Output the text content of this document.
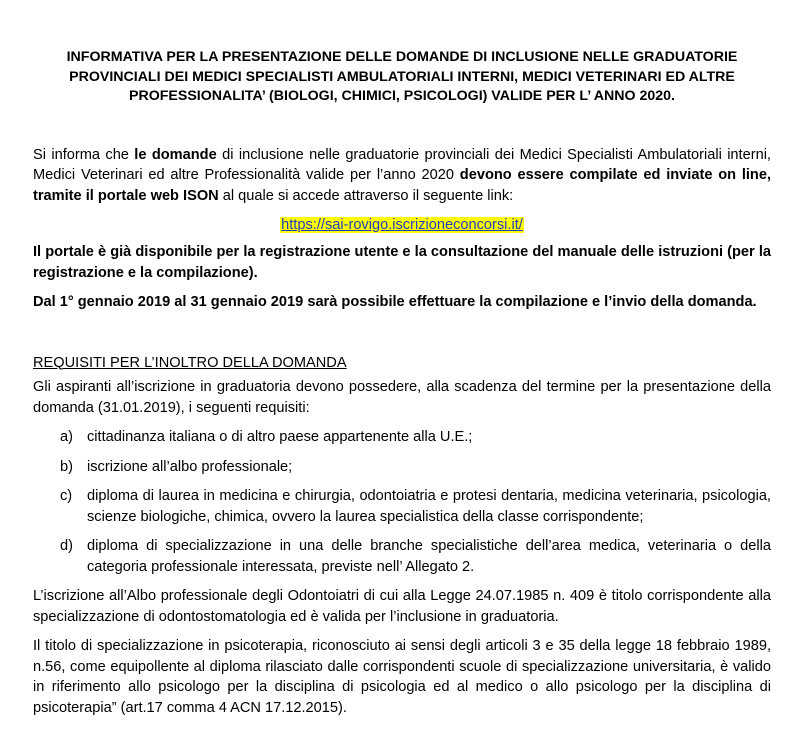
INFORMATIVA PER LA PRESENTAZIONE DELLE DOMANDE DI INCLUSIONE NELLE GRADUATORIE
PROVINCIALI DEI MEDICI SPECIALISTI AMBULATORIALI INTERNI, MEDICI VETERINARI ED ALTRE
PROFESSIONALITA’ (BIOLOGI, CHIMICI, PSICOLOGI) VALIDE PER L’ ANNO 2020.

Si informa che le domande di inclusione nelle graduatorie provinciali dei Medici Specialisti Ambulatoriali interni, Medici Veterinari ed altre Professionalità valide per l’anno 2020 devono essere compilate ed inviate on line, tramite il portale web ISON al quale si accede attraverso il seguente link:

https://sai-rovigo.iscrizioneconcorsi.it/

Il portale è già disponibile per la registrazione utente e la consultazione del manuale delle istruzioni (per la registrazione e la compilazione).

Dal 1° gennaio 2019 al 31 gennaio 2019 sarà possibile effettuare la compilazione e l’invio della domanda.

REQUISITI PER L’INOLTRO DELLA DOMANDA

Gli aspiranti all’iscrizione in graduatoria devono possedere, alla scadenza del termine per la presentazione della domanda (31.01.2019), i seguenti requisiti:

a) cittadinanza italiana o di altro paese appartenente alla U.E.;
b) iscrizione all’albo professionale;
c) diploma di laurea in medicina e chirurgia, odontoiatria e protesi dentaria, medicina veterinaria, psicologia, scienze biologiche, chimica, ovvero la laurea specialistica della classe corrispondente;
d) diploma di specializzazione in una delle branche specialistiche dell’area medica, veterinaria o della categoria professionale interessata, previste nell’ Allegato 2.

L’iscrizione all’Albo professionale degli Odontoiatri di cui alla Legge 24.07.1985 n. 409 è titolo corrispondente alla specializzazione di odontostomatologia ed è valida per l’inclusione in graduatoria.

Il titolo di specializzazione in psicoterapia, riconosciuto ai sensi degli articoli 3 e 35 della legge 18 febbraio 1989, n.56, come equipollente al diploma rilasciato dalle corrispondenti scuole di specializzazione universitaria, è valido in riferimento allo psicologo per la disciplina di psicologia ed al medico o allo psicologo per la disciplina di psicoterapia” (art.17 comma 4 ACN 17.12.2015).
